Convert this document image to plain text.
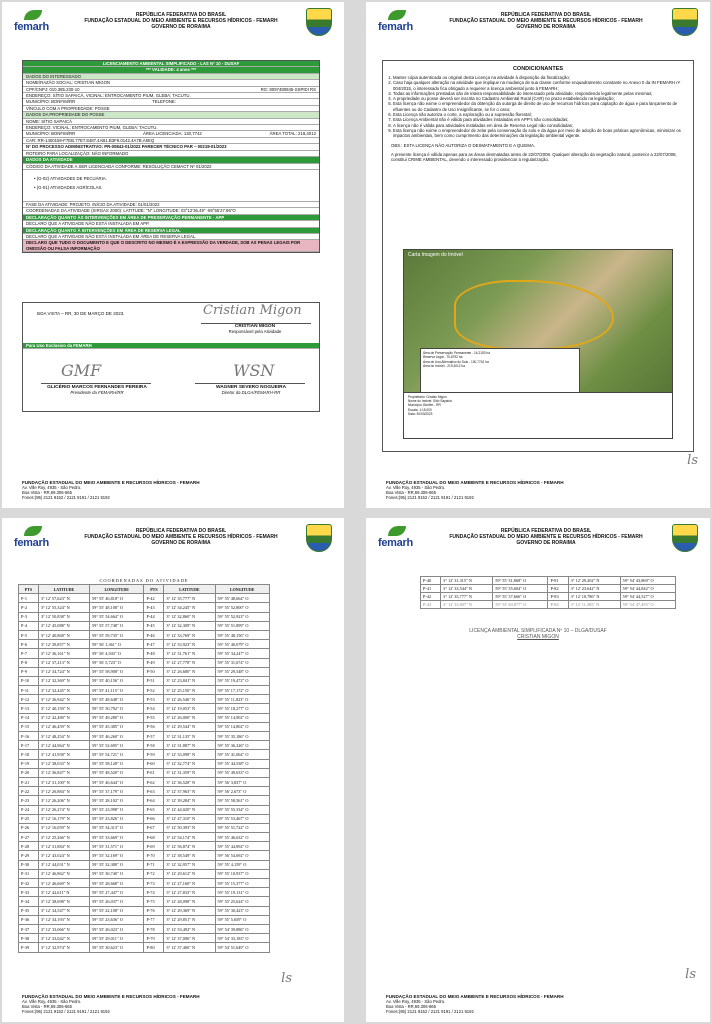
femarh
REPÚBLICA FEDERATIVA DO BRASIL
FUNDAÇÃO ESTADUAL DO MEIO AMBIENTE E RECURSOS HÍDRICOS - FEMARH
GOVERNO DE RORAIMA
LICENCIAMENTO AMBIENTAL SIMPLIFICADO - LAS Nº 10 - DUSAF
*** VALIDADE: 4 anos ***
DADOS DO INTERESSADO
NOME/RAZÃO SOCIAL: CRISTIAN MIGON
CPF/CNPJ: 010.385.230-10	RG: 8097480845-SSPIDI RS
ENDEREÇO: SÍTIO SAPAICÁ, VICINAL: ENTROCAMENTO PIUM, GLEBA: TACUTU.
MUNICÍPIO: BONFIM/RR	TELEFONE:
VÍNCULO COM A PROPRIEDADE: POSSE
DADOS DA PROPRIEDADE DO POSSE
NOME: SÍTIO SAPAICÁ
ENDEREÇO: VICINAL: ENTROCAMENTO PIUM, GLEBA: TACUTU.
MUNICÍPIO: BONFIM/RR	ÁREA LICENCIADA: 130,7742	ÁREA TOTAL: 219,4012
CAR: RR-1400159-F7EB.77E7.8487.4AB1.B3F9.0142.4A7B.A5EQ
Nº DO PROCESSO ADMINISTRATIVO: PR-00843-01/2022 PARECER TÉCNICO PAR – 00219-01/2023
ROTEIRO PARA LOCALIZAÇÃO: NÃO INFORMADO
DADOS DA ATIVIDADE
CÓDIGO DA ATIVIDADE A SER LICENCIADA CONFORME: RESOLUÇÃO CEMACT Nº 01/2022
• (G-02) ATIVIDADES DE PECUÁRIA.
• (G-01) ATIVIDADES AGRÍCOLAS.
FASE DA ATIVIDADE: PROJETO. INÍCIO DA ATIVIDADE: 01/01/2022
COORDENADAS DA ATIVIDADE (SIRGAS 2000): LATITUDE: "N" LONGITUDE: 03°12'36.49" -59°55'27.96"O
DECLARAÇÃO QUANTO ÀS INTERVENÇÕES EM ÁREA DE PRESERVAÇÃO PERMANENTE - APP
DECLARO QUE A ATIVIDADE NÃO ESTÁ INSTALADA EM APP.
DECLARAÇÃO QUANTO À INTERVENÇÕES EM ÁREA DE RESERVA LEGAL
DECLARO QUE A ATIVIDADE NÃO ESTÁ INSTALADA EM ÁREA DE RESERVA LEGAL.
DECLARO QUE TUDO O DOCUMENTO E QUE O DESCRITO NO MESMO É A EXPRESSÃO DA VERDADE, SOB AS PENAS LEGAIS POR OMISSÃO OU FALSA INFORMAÇÃO
BOA VISTA – RR, 30 DE MARÇO DE 2023.	Cristian Migon
CRISTIAN MIGON
Responsável pela Atividade
Para Uso Exclusivo da FEMARH
GMF	WSN
GLICÉRIO MARCOS FERNANDES PEREIRA
Presidente da FEMARH/RR
WAGNER SEVERO NOGUEIRA
Diretor da DLGA/FEMARH-RR
FUNDAÇÃO ESTADUAL DO MEIO AMBIENTE E RECURSOS HÍDRICOS - FEMARH
Av. Ville Roy, 4935 - São Pedro.
Boa Vista - RR,69.306-665
Fones:(95) 2121 9152 / 2121 9191 / 2121 9192
femarh
REPÚBLICA FEDERATIVA DO BRASIL
FUNDAÇÃO ESTADUAL DO MEIO AMBIENTE E RECURSOS HÍDRICOS - FEMARH
GOVERNO DE RORAIMA
CONDICIONANTES
1. Manter cópia autenticada ou original desta Licença na atividade à disposição da fiscalização;
2. Caso haja qualquer alteração na atividade que implique na mudança de sua classe conforme enquadramento constante no Anexo II da IN FEMARH nº 004/2015, o interessado fica obrigado a requerer a licença ambiental junto à FEMARH;
3. Todas as informações prestadas são de inteira responsabilidade do interessado pela atividade, respondendo legalmente pelas mesmas;
4. A propriedade ou posse deverá ser inscrita no Cadastro Ambiental Rural (CAR) no prazo estabelecido na legislação;
5. Esta licença não exime o empreendedor da obtenção da outorga de direito de uso de recursos hídricos para captação de água e para lançamento de efluentes ou do Cadastro de Uso Insignificante, se for o caso;
6. Esta Licença não autoriza o corte, a exploração ou a supressão florestal;
7. Esta Licença Ambiental não é válida para atividades instaladas em APP's não consolidadas;
8. A licença não é válida para atividades instaladas em área de Reserva Legal não consolidadas;
9. Esta licença não exime o empreendedor de zelar pela conservação do solo e da água por meio de adoção de boas práticas agronômicas, minimizar os impactos ambientais, bem como cumprimento das determinações da legislação ambiental vigente.

OBS.: ESTA LICENÇA NÃO AUTORIZA O DESMATAMENTO E A QUEIMA.

A presente licença é válida apenas para as áreas desmatadas antes de 22/07/2008. Qualquer alteração da vegetação natural, posterior a 22/07/2008, constitui CRIME AMBIENTAL, devendo o interessado providenciar a regularização.

Carta Imagem do Imóvel
Área de Preservação Permanente - 16,2153 ha
Reserva Legal - 70,6792 ha
Área de Uso Alternativo do Solo - 130,7742 ha
Área do Imóvel - 219,4012 ha
Proprietário: Cristian Migon
Nome do Imóvel: Sítio Sapaicá
Município: Bonfim - RR
Escala: 1:15.000
Data: 30/03/2023
ls
FUNDAÇÃO ESTADUAL DO MEIO AMBIENTE E RECURSOS HÍDRICOS - FEMARH
Av. Ville Roy, 4935 - São Pedro.
Boa Vista - RR,69.306-665
Fones:(95) 2121 9152 / 2121 9191 / 2121 9192
femarh
REPÚBLICA FEDERATIVA DO BRASIL
FUNDAÇÃO ESTADUAL DO MEIO AMBIENTE E RECURSOS HÍDRICOS - FEMARH
GOVERNO DE RORAIMA
COORDENADAS DO ATIVIDADE
PTS	LATITUDE	LONGITUDE	PTS	LATITUDE	LONGITUDE
P-1	3° 12' 57,623" N	59° 55' 46,818" O	P-42	3° 12' 35,777" N	59° 55' 48,664" O
P-2	3° 12' 55,324" N	59° 55' 48,108" O	P-43	3° 12' 34,245" N	59° 55' 52,800" O
P-3	3° 12' 50,838" N	59° 55' 54,664" O	P-44	3° 12' 32,860" N	59° 55' 52,923" O
P-4	3° 12' 45,088" N	59° 55' 57,748" O	P-45	3° 12' 32,309" N	59° 55' 51,899" O
P-5	3° 12' 40,868" N	59° 55' 59,735" O	P-46	3° 12' 33,769" N	59° 55' 48,156" O
P-6	3° 12' 39,857" N	59° 56' 1,361" O	P-47	3° 12' 33,923" N	59° 55' 40,079" O
P-7	3° 12' 36,161" N	59° 56' 4,943" O	P-48	3° 12' 31,761" N	59° 55' 34,247" O
P-8	3° 12' 37,213" N	59° 56' 5,723" O	P-49	3° 12' 27,778" N	59° 55' 31,674" O
P-9	3° 12' 34,724" N	59° 55' 58,908" O	P-50	3° 12' 26,680" N	59° 55' 29,548" O
P-10	3° 12' 32,369" N	59° 55' 40,156" O	P-51	3° 12' 23,841" N	59° 55' 19,472" O
P-11	3° 12' 32,445" N	59° 55' 41,115" O	P-52	3° 12' 25,150" N	59° 55' 17,172" O
P-12	3° 12' 36,942" N	59° 55' 48,648" O	P-53	3° 12' 26,546" N	59° 55' 11,823" O
P-13	3° 12' 40,159" N	59° 55' 50,792" O	P-54	3° 12' 19,053" N	59° 55' 18,277" O
P-14	3° 12' 42,480" N	59° 55' 49,280" O	P-55	3° 12' 26,000" N	59° 55' 14,902" O
P-15	3° 12' 46,459" N	59° 55' 45,385" O	P-56	3° 12' 29,544" N	59° 55' 14,802" O
P-16	3° 12' 48,254" N	59° 55' 46,260" O	P-57	3° 12' 31,135" N	59° 55' 35,186" O
P-17	3° 12' 44,964" N	59° 55' 52,695" O	P-58	3° 12' 31,887" N	59° 55' 36,326" O
P-18	3° 12' 41,958" N	59° 55' 54,721" O	P-59	3° 12' 33,098" N	59° 55' 41,064" O
P-19	3° 12' 38,033" N	59° 55' 58,128" O	P-60	3° 12' 32,774" N	59° 55' 44,538" O
P-20	3° 12' 36,847" N	59° 55' 48,520" O	P-61	3° 12' 31,359" N	59° 55' 49,633" O
P-21	3° 12' 31,100" N	59° 55' 46,644" O	P-62	3° 12' 36,528" N	59° 56' 3,837" O
P-22	3° 12' 26,884" N	59° 55' 37,179" O	P-63	3° 12' 37,963" N	59° 56' 2,673" O
P-23	3° 12' 26,206" N	59° 55' 28,102" O	P-64	3° 12' 39,284" N	59° 55' 58,561" O
P-24	3° 12' 26,274" N	59° 55' 23,998" O	P-65	3° 12' 44,020" N	59° 55' 55,334" O
P-25	3° 12' 16,179" N	59° 55' 23,826" O	P-66	3° 12' 47,310" N	59° 55' 53,467" O
P-26	3° 12' 16,059" N	59° 55' 34,313" O	P-67	3° 12' 50,393" N	59° 55' 51,722" O
P-27	3° 12' 25,266" N	59° 55' 33,669" O	P-68	3° 12' 54,174" N	59° 55' 46,632" O
P-28	3° 12' 31,884" N	59° 55' 31,571" O	P-69	3° 12' 56,874" N	59° 55' 44,892" O
P-29	3° 12' 43,024" N	59° 55' 32,169" O	P-70	3° 12' 38,549" N	59° 56' 54,692" O
P-30	3° 12' 44,031" N	59° 55' 32,380" O	P-71	3° 12' 32,957" N	59° 55' 4,159" O
P-31	3° 12' 46,862" N	59° 55' 30,740" O	P-72	3° 12' 29,612" N	59° 55' 10,937" O
P-32	3° 12' 46,669" N	59° 55' 28,668" O	P-73	3° 12' 27,160" N	59° 55' 15,377" O
P-33	3° 12' 42,611" N	59° 55' 27,447" O	P-74	3° 12' 27,833" N	59° 55' 19,131" O
P-34	3° 12' 38,698" N	59° 55' 26,037" O	P-75	3° 12' 28,098" N	59° 55' 25,624" O
P-35	3° 12' 34,547" N	59° 55' 22,108" O	P-76	3° 12' 29,369" N	59° 55' 30,423" O
P-36	3° 12' 34,193" N	59° 55' 23,636" O	P-77	3° 12' 29,851" N	59° 55' 5,659" O
P-37	3° 12' 33,066" N	59° 55' 26,023" O	P-78	3° 12' 33,492" N	59° 54' 39,886" O
P-38	3° 12' 33,042" N	59° 55' 29,011" O	P-79	3° 12' 37,006" N	59° 54' 33,183" O
P-39	3° 12' 32,974" N	59° 55' 30,623" O	P-80	3° 12' 37,406" N	59° 54' 51,649" O
ls
FUNDAÇÃO ESTADUAL DO MEIO AMBIENTE E RECURSOS HÍDRICOS - FEMARH
Av. Ville Roy, 4935 - São Pedro.
Boa Vista - RR,69.306-665
Fones:(95) 2121 9152 / 2121 9191 / 2121 9192
femarh
REPÚBLICA FEDERATIVA DO BRASIL
FUNDAÇÃO ESTADUAL DO MEIO AMBIENTE E RECURSOS HÍDRICOS - FEMARH
GOVERNO DE RORAIMA
P-40	3° 12' 31,315" N	59° 55' 31,868" O	P-81	3° 12' 29,202" N	59° 54' 43,869" O
P-41	3° 12' 33,544" N	59° 55' 35,604" O	P-82	3° 12' 23,642" N	59° 54' 44,842" O
P-42	3° 12' 35,777" N	59° 55' 37,666" O	P-83	3° 12' 18,786" N	59° 54' 44,527" O
P-43	3° 12' 33,907" N	59° 55' 40,877" O	P-84	3° 12' 11,385" N	59° 54' 47,495" O
LICENÇA AMBIENTAL SIMPLIFICADA Nº 10 – DLGA/DUSAF
CRISTIAN MIGON
ls
FUNDAÇÃO ESTADUAL DO MEIO AMBIENTE E RECURSOS HÍDRICOS - FEMARH
Av. Ville Roy, 4935 - São Pedro.
Boa Vista - RR,69.306-665
Fones:(95) 2121 9152 / 2121 9191 / 2121 9192
